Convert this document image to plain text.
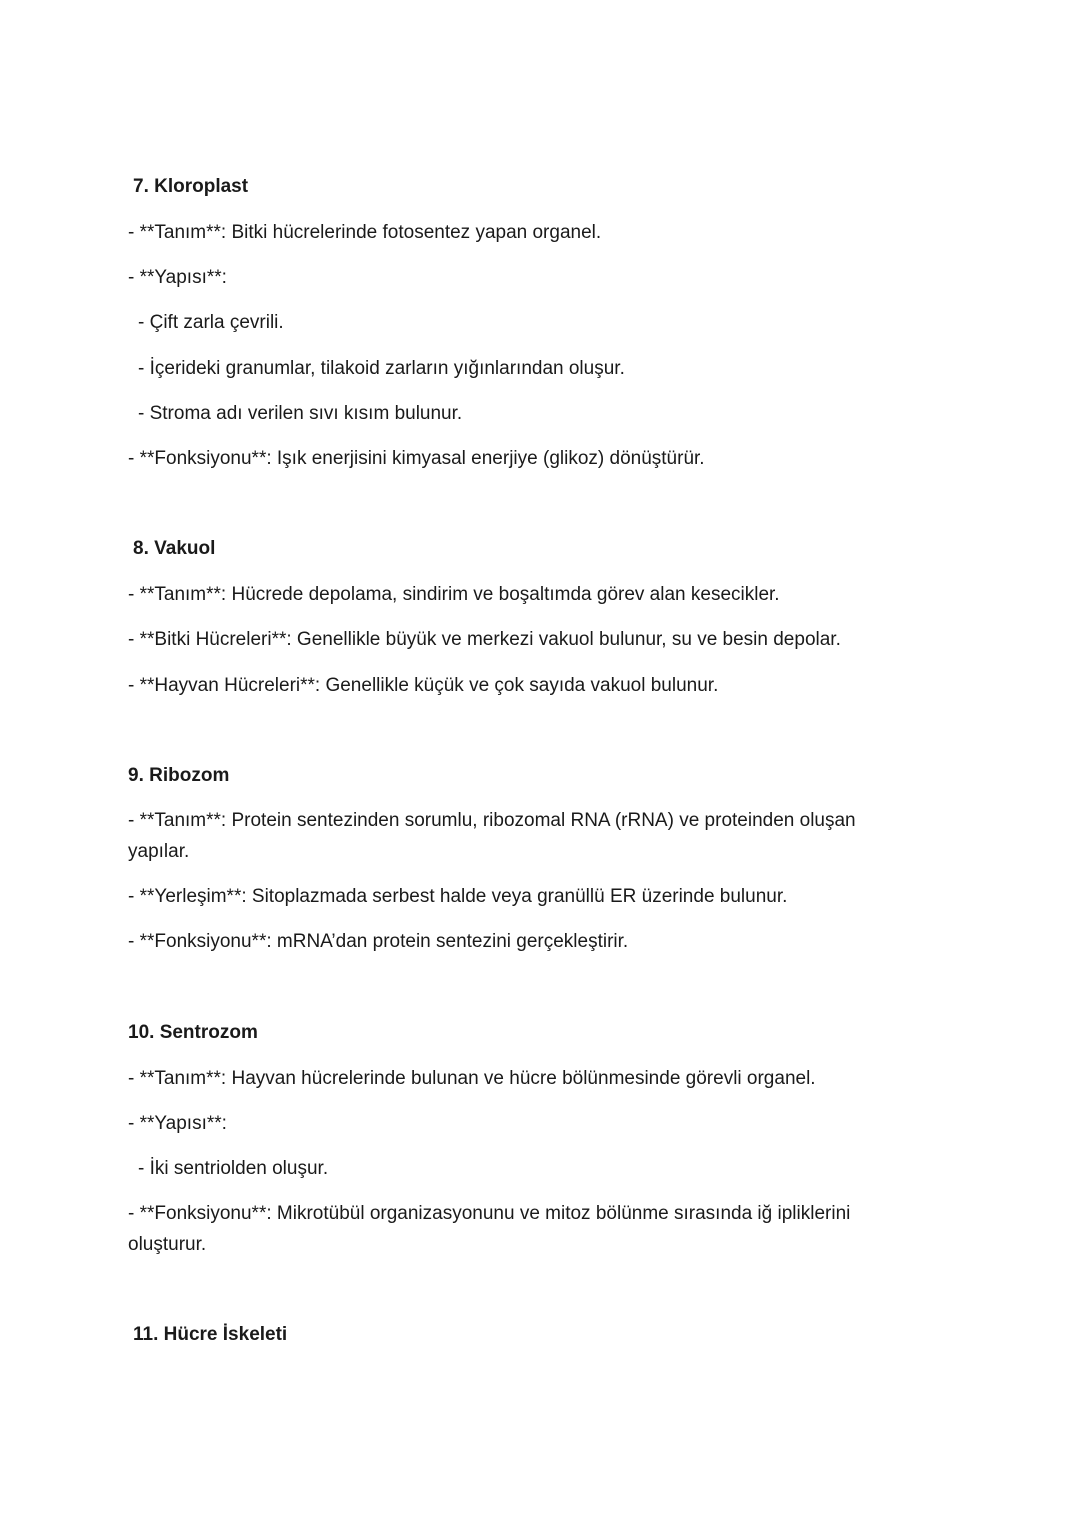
7. Kloroplast
- **Tanım**: Bitki hücrelerinde fotosentez yapan organel.
- **Yapısı**:
- Çift zarla çevrili.
- İçerideki granumlar, tilakoid zarların yığınlarından oluşur.
- Stroma adı verilen sıvı kısım bulunur.
- **Fonksiyonu**: Işık enerjisini kimyasal enerjiye (glikoz) dönüştürür.
8. Vakuol
- **Tanım**: Hücrede depolama, sindirim ve boşaltımda görev alan kesecikler.
- **Bitki Hücreleri**: Genellikle büyük ve merkezi vakuol bulunur, su ve besin depolar.
- **Hayvan Hücreleri**: Genellikle küçük ve çok sayıda vakuol bulunur.
9. Ribozom
- **Tanım**: Protein sentezinden sorumlu, ribozomal RNA (rRNA) ve proteinden oluşan
yapılar.
- **Yerleşim**: Sitoplazmada serbest halde veya granüllü ER üzerinde bulunur.
- **Fonksiyonu**: mRNA’dan protein sentezini gerçekleştirir.
10. Sentrozom
- **Tanım**: Hayvan hücrelerinde bulunan ve hücre bölünmesinde görevli organel.
- **Yapısı**:
- İki sentriolden oluşur.
- **Fonksiyonu**: Mikrotübül organizasyonunu ve mitoz bölünme sırasında iğ ipliklerini
oluşturur.
11. Hücre İskeleti
